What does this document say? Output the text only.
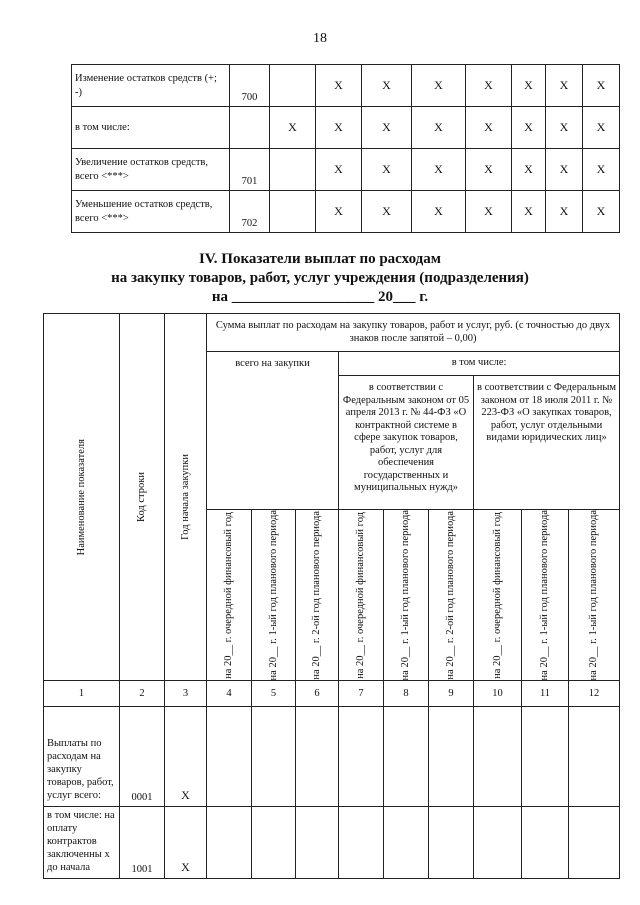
18
Изменение остатков средств (+; -)	700		X	X	X	X	X	X	X
в том числе:		X	X	X	X	X	X	X	X
Увеличение остатков средств, всего <***>	701		X	X	X	X	X	X	X
Уменьшение остатков средств, всего <***>	702		X	X	X	X	X	X	X
IV. Показатели выплат по расходам
на закупку товаров, работ, услуг учреждения (подразделения)
на ___________________ 20___ г.
Наименование показателя	Код строки	Год начала закупки	Сумма выплат по расходам на закупку товаров, работ и услуг, руб. (с точностью до двух знаков после запятой – 0,00)								
			всего на закупки			в том числе:					
						в соответствии с Федеральным законом от 05 апреля 2013 г. № 44-ФЗ «О контрактной системе в сфере закупок товаров, работ, услуг для обеспечения государственных и муниципальных нужд»			в соответствии с Федеральным законом от 18 июля 2011 г. № 223-ФЗ «О закупках товаров, работ, услуг отдельными видами юридических лиц»		

			на 20__ г. очередной финансовый год	на 20__ г. 1-ый год планового периода	на 20__ г. 2-ой год планового периода	на 20__ г. очередной финансовый год	на 20__ г. 1-ый год планового периода	на 20__ г. 2-ой год планового периода	на 20__ г. очередной финансовый год	на 20__ г. 1-ый год планового периода	на 20__ г. 1-ый год планового периода

1	2	3	4	5	6	7	8	9	10	11	12
Выплаты по расходам на закупку товаров, работ, услуг всего:	0001	X									
в том числе: на оплату контрактов заключенны х до начала	1001	X									
